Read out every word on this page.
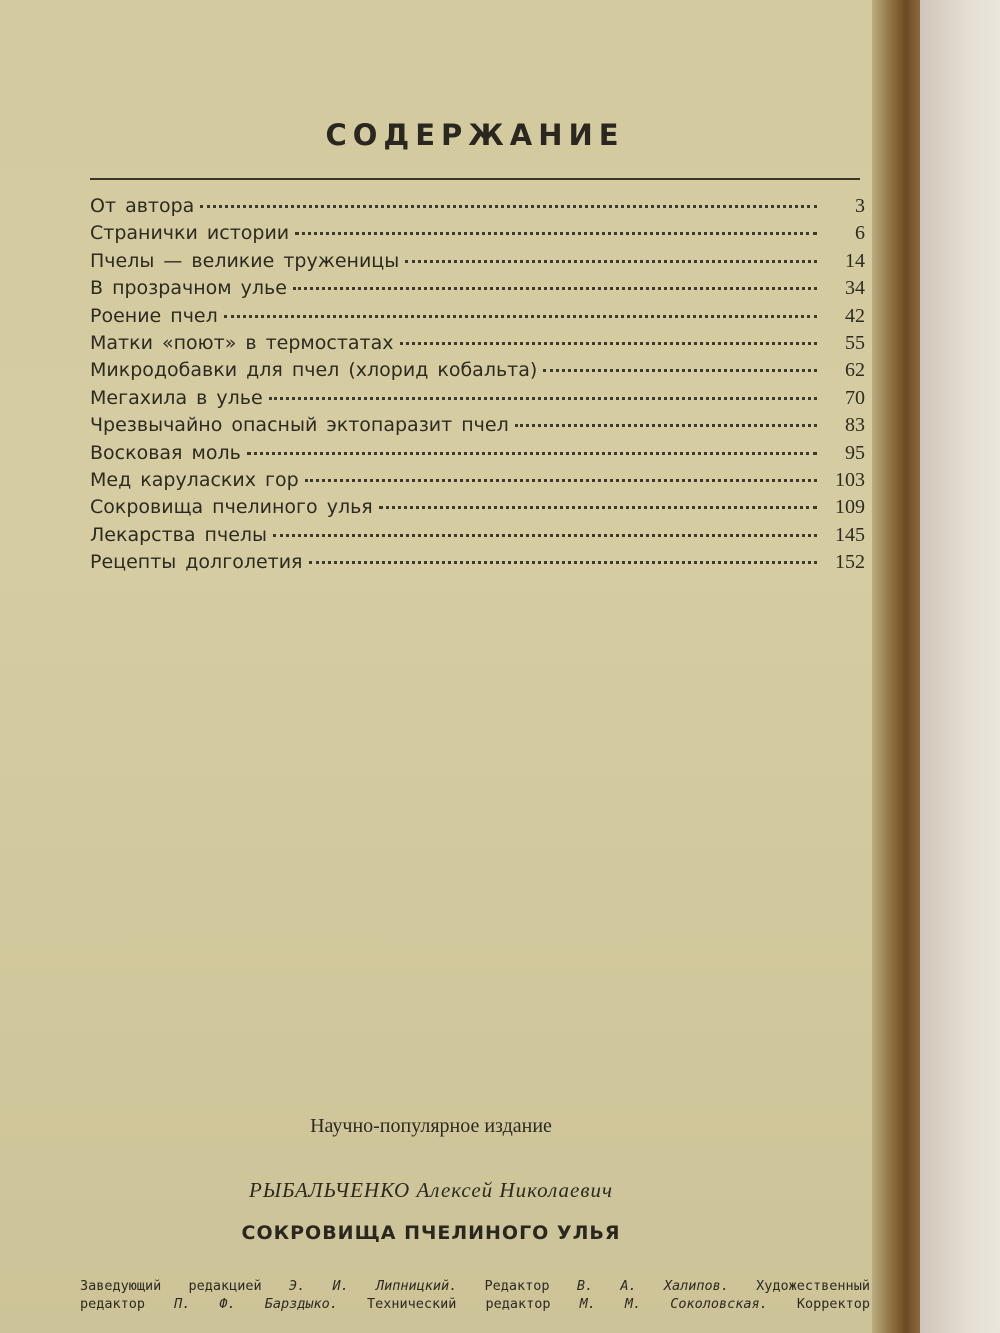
СОДЕРЖАНИЕ
От автора	3
Странички истории	6
Пчелы — великие труженицы	14
В прозрачном улье	34
Роение пчел	42
Матки «поют» в термостатах	55
Микродобавки для пчел (хлорид кобальта)	62
Мегахила в улье	70
Чрезвычайно опасный эктопаразит пчел	83
Восковая моль	95
Мед каруласких гор	103
Сокровища пчелиного улья	109
Лекарства пчелы	145
Рецепты долголетия	152
Научно-популярное издание
РЫБАЛЬЧЕНКО Алексей Николаевич
СОКРОВИЩА ПЧЕЛИНОГО УЛЬЯ
Заведующий редакцией Э. И. Липницкий. Редактор В. А. Халипов. Художественный
редактор П. Ф. Барздыко. Технический редактор М. М. Соколовская. Корректор
